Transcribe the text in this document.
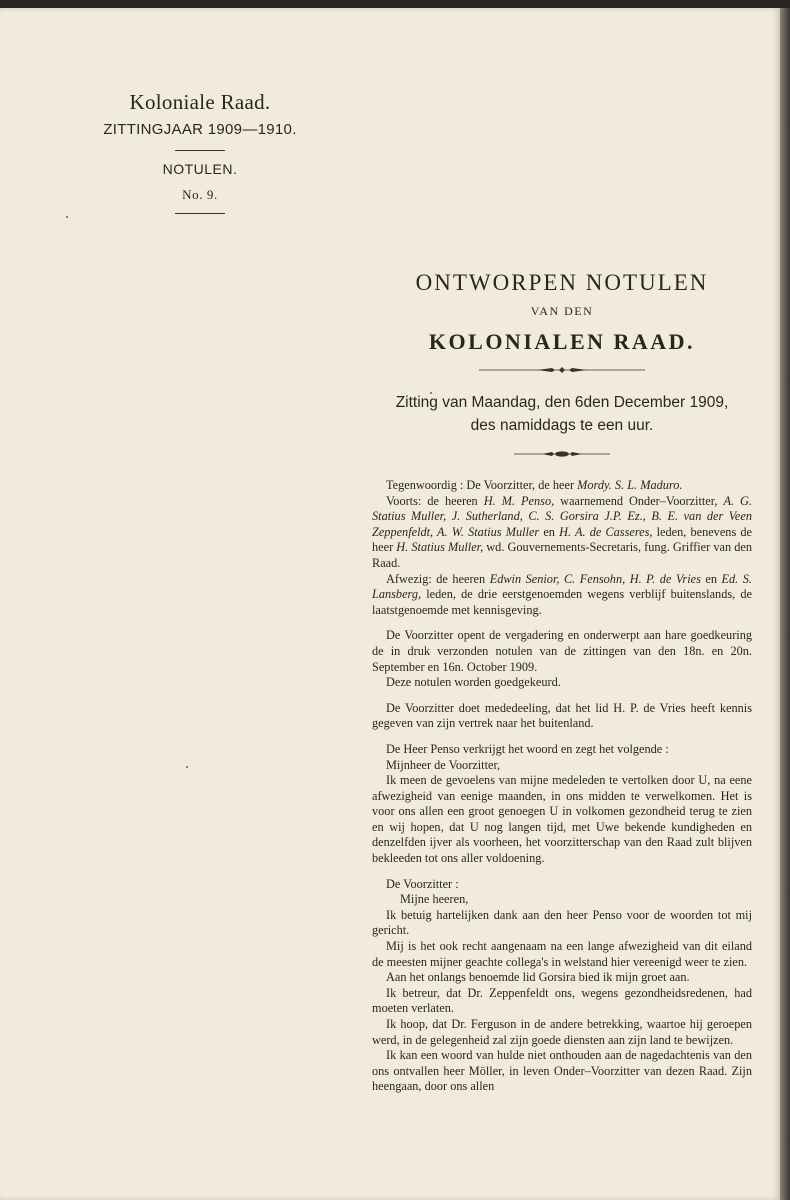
Koloniale Raad.
ZITTINGJAAR 1909—1910.
NOTULEN.
No. 9.
ONTWORPEN NOTULEN
VAN DEN
KOLONIALEN RAAD.
Zitting van Maandag, den 6den December 1909,
des namiddags te een uur.

Tegenwoordig : De Voorzitter, de heer Mordy. S. L. Maduro.

Voorts: de heeren H. M. Penso, waarnemend Onder–Voorzitter, A. G. Statius Muller, J. Sutherland, C. S. Gorsira J.P. Ez., B. E. van der Veen Zeppenfeldt, A. W. Statius Muller en H. A. de Casseres, leden, benevens de heer H. Statius Muller, wd. Gouvernements-Secretaris, fung. Griffier van den Raad.

Afwezig: de heeren Edwin Senior, C. Fensohn, H. P. de Vries en Ed. S. Lansberg, leden, de drie eerstgenoemden wegens verblijf buitenslands, de laatstgenoemde met kennisgeving.

De Voorzitter opent de vergadering en onderwerpt aan hare goedkeuring de in druk verzonden notulen van de zittingen van den 18n. en 20n. September en 16n. October 1909.

Deze notulen worden goedgekeurd.

De Voorzitter doet mededeeling, dat het lid H. P. de Vries heeft kennis gegeven van zijn vertrek naar het buitenland.

De Heer Penso verkrijgt het woord en zegt het volgende :

Mijnheer de Voorzitter,

Ik meen de gevoelens van mijne medeleden te vertolken door U, na eene afwezigheid van eenige maanden, in ons midden te verwelkomen. Het is voor ons allen een groot genoegen U in volkomen gezondheid terug te zien en wij hopen, dat U nog langen tijd, met Uwe bekende kundigheden en denzelfden ijver als voorheen, het voorzitterschap van den Raad zult blijven bekleeden tot ons aller voldoening.

De Voorzitter :

Mijne heeren,

Ik betuig hartelijken dank aan den heer Penso voor de woorden tot mij gericht.

Mij is het ook recht aangenaam na een lange afwezigheid van dit eiland de meesten mijner geachte collega's in welstand hier vereenigd weer te zien.

Aan het onlangs benoemde lid Gorsira bied ik mijn groet aan.

Ik betreur, dat Dr. Zeppenfeldt ons, wegens gezondheidsredenen, had moeten verlaten.

Ik hoop, dat Dr. Ferguson in de andere betrekking, waartoe hij geroepen werd, in de gelegenheid zal zijn goede diensten aan zijn land te bewijzen.

Ik kan een woord van hulde niet onthouden aan de nagedachtenis van den ons ontvallen heer Möller, in leven Onder–Voorzitter van dezen Raad. Zijn heengaan, door ons allen
